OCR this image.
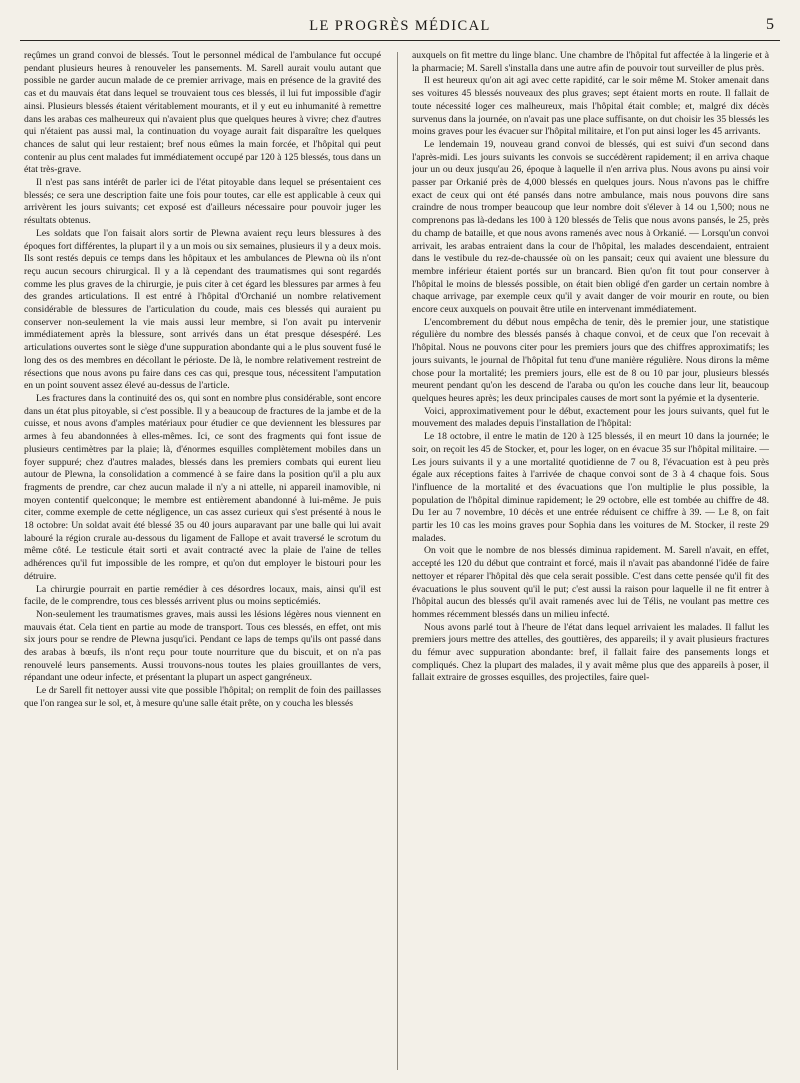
LE PROGRÈS MÉDICAL	5

reçûmes un grand convoi de blessés. Tout le personnel médical de l'ambulance fut occupé pendant plusieurs heures à renouveler les pansements. M. Sarell aurait voulu autant que possible ne garder aucun malade de ce premier arrivage, mais en présence de la gravité des cas et du mauvais état dans lequel se trouvaient tous ces blessés, il lui fut impossible d'agir ainsi. Plusieurs blessés étaient véritablement mourants, et il y eut eu inhumanité à remettre dans les arabas ces malheureux qui n'avaient plus que quelques heures à vivre; chez d'autres qui n'étaient pas aussi mal, la continuation du voyage aurait fait disparaître les quelques chances de salut qui leur restaient; bref nous eûmes la main forcée, et l'hôpital qui peut contenir au plus cent malades fut immédiatement occupé par 120 à 125 blessés, tous dans un état très-grave.

Il n'est pas sans intérêt de parler ici de l'état pitoyable dans lequel se présentaient ces blessés; ce sera une description faite une fois pour toutes, car elle est applicable à ceux qui arrivèrent les jours suivants; cet exposé est d'ailleurs nécessaire pour pouvoir juger les résultats obtenus.

Les soldats que l'on faisait alors sortir de Plewna avaient reçu leurs blessures à des époques fort différentes, la plupart il y a un mois ou six semaines, plusieurs il y a deux mois. Ils sont restés depuis ce temps dans les hôpitaux et les ambulances de Plewna où ils n'ont reçu aucun secours chirurgical. Il y a là cependant des traumatismes qui sont regardés comme les plus graves de la chirurgie, je puis citer à cet égard les blessures par armes à feu des grandes articulations. Il est entré à l'hôpital d'Orchanié un nombre relativement considérable de blessures de l'articulation du coude, mais ces blessés qui auraient pu conserver non-seulement la vie mais aussi leur membre, si l'on avait pu intervenir immédiatement après la blessure, sont arrivés dans un état presque désespéré. Les articulations ouvertes sont le siège d'une suppuration abondante qui a le plus souvent fusé le long des os des membres en décollant le périoste. De là, le nombre relativement restreint de résections que nous avons pu faire dans ces cas qui, presque tous, nécessitent l'amputation en un point souvent assez élevé au-dessus de l'article.

Les fractures dans la continuité des os, qui sont en nombre plus considérable, sont encore dans un état plus pitoyable, si c'est possible. Il y a beaucoup de fractures de la jambe et de la cuisse, et nous avons d'amples matériaux pour étudier ce que deviennent les blessures par armes à feu abandonnées à elles-mêmes. Ici, ce sont des fragments qui font issue de plusieurs centimètres par la plaie; là, d'énormes esquilles complètement mobiles dans un foyer suppuré; chez d'autres malades, blessés dans les premiers combats qui eurent lieu autour de Plewna, la consolidation a commencé à se faire dans la position qu'il a plu aux fragments de prendre, car chez aucun malade il n'y a ni attelle, ni appareil inamovible, ni moyen contentif quelconque; le membre est entièrement abandonné à lui-même. Je puis citer, comme exemple de cette négligence, un cas assez curieux qui s'est présenté à nous le 18 octobre: Un soldat avait été blessé 35 ou 40 jours auparavant par une balle qui lui avait labouré la région crurale au-dessous du ligament de Fallope et avait traversé le scrotum du même côté. Le testicule était sorti et avait contracté avec la plaie de l'aine de telles adhérences qu'il fut impossible de les rompre, et qu'on dut employer le bistouri pour les détruire.

La chirurgie pourrait en partie remédier à ces désordres locaux, mais, ainsi qu'il est facile, de le comprendre, tous ces blessés arrivent plus ou moins septicémiés.

Non-seulement les traumatismes graves, mais aussi les lésions légères nous viennent en mauvais état. Cela tient en partie au mode de transport. Tous ces blessés, en effet, ont mis six jours pour se rendre de Plewna jusqu'ici. Pendant ce laps de temps qu'ils ont passé dans des arabas à bœufs, ils n'ont reçu pour toute nourriture que du biscuit, et on n'a pas renouvelé leurs pansements. Aussi trouvons-nous toutes les plaies grouillantes de vers, répandant une odeur infecte, et présentant la plupart un aspect gangréneux.

Le dr Sarell fit nettoyer aussi vite que possible l'hôpital; on remplit de foin des paillasses que l'on rangea sur le sol, et, à mesure qu'une salle était prête, on y coucha les blessés

auxquels on fit mettre du linge blanc. Une chambre de l'hôpital fut affectée à la lingerie et à la pharmacie; M. Sarell s'installa dans une autre afin de pouvoir tout surveiller de plus près.

Il est heureux qu'on ait agi avec cette rapidité, car le soir même M. Stoker amenait dans ses voitures 45 blessés nouveaux des plus graves; sept étaient morts en route. Il fallait de toute nécessité loger ces malheureux, mais l'hôpital était comble; et, malgré dix décès survenus dans la journée, on n'avait pas une place suffisante, on dut choisir les 35 blessés les moins graves pour les évacuer sur l'hôpital militaire, et l'on put ainsi loger les 45 arrivants.

Le lendemain 19, nouveau grand convoi de blessés, qui est suivi d'un second dans l'après-midi. Les jours suivants les convois se succédèrent rapidement; il en arriva chaque jour un ou deux jusqu'au 26, époque à laquelle il n'en arriva plus. Nous avons pu ainsi voir passer par Orkanié près de 4,000 blessés en quelques jours. Nous n'avons pas le chiffre exact de ceux qui ont été pansés dans notre ambulance, mais nous pouvons dire sans craindre de nous tromper beaucoup que leur nombre doit s'élever à 14 ou 1,500; nous ne comprenons pas là-dedans les 100 à 120 blessés de Telis que nous avons pansés, le 25, près du champ de bataille, et que nous avons ramenés avec nous à Orkanié. — Lorsqu'un convoi arrivait, les arabas entraient dans la cour de l'hôpital, les malades descendaient, entraient dans le vestibule du rez-de-chaussée où on les pansait; ceux qui avaient une blessure du membre inférieur étaient portés sur un brancard. Bien qu'on fit tout pour conserver à l'hôpital le moins de blessés possible, on était bien obligé d'en garder un certain nombre à chaque arrivage, par exemple ceux qu'il y avait danger de voir mourir en route, ou bien encore ceux auxquels on pouvait être utile en intervenant immédiatement.

L'encombrement du début nous empêcha de tenir, dès le premier jour, une statistique régulière du nombre des blessés pansés à chaque convoi, et de ceux que l'on recevait à l'hôpital. Nous ne pouvons citer pour les premiers jours que des chiffres approximatifs; les jours suivants, le journal de l'hôpital fut tenu d'une manière régulière. Nous dirons la même chose pour la mortalité; les premiers jours, elle est de 8 ou 10 par jour, plusieurs blessés meurent pendant qu'on les descend de l'araba ou qu'on les couche dans leur lit, beaucoup quelques heures après; les deux principales causes de mort sont la pyémie et la dysenterie.

Voici, approximativement pour le début, exactement pour les jours suivants, quel fut le mouvement des malades depuis l'installation de l'hôpital:

Le 18 octobre, il entre le matin de 120 à 125 blessés, il en meurt 10 dans la journée; le soir, on reçoit les 45 de Stocker, et, pour les loger, on en évacue 35 sur l'hôpital militaire. — Les jours suivants il y a une mortalité quotidienne de 7 ou 8, l'évacuation est à peu près égale aux réceptions faites à l'arrivée de chaque convoi sont de 3 à 4 chaque fois. Sous l'influence de la mortalité et des évacuations que l'on multiplie le plus possible, la population de l'hôpital diminue rapidement; le 29 octobre, elle est tombée au chiffre de 48. Du 1er au 7 novembre, 10 décès et une entrée réduisent ce chiffre à 39. — Le 8, on fait partir les 10 cas les moins graves pour Sophia dans les voitures de M. Stocker, il reste 29 malades.

On voit que le nombre de nos blessés diminua rapidement. M. Sarell n'avait, en effet, accepté les 120 du début que contraint et forcé, mais il n'avait pas abandonné l'idée de faire nettoyer et réparer l'hôpital dès que cela serait possible. C'est dans cette pensée qu'il fit des évacuations le plus souvent qu'il le put; c'est aussi la raison pour laquelle il ne fit entrer à l'hôpital aucun des blessés qu'il avait ramenés avec lui de Télis, ne voulant pas mettre ces hommes récemment blessés dans un milieu infecté.

Nous avons parlé tout à l'heure de l'état dans lequel arrivaient les malades. Il fallut les premiers jours mettre des attelles, des gouttières, des appareils; il y avait plusieurs fractures du fémur avec suppuration abondante: bref, il fallait faire des pansements longs et compliqués. Chez la plupart des malades, il y avait même plus que des appareils à poser, il fallait extraire de grosses esquilles, des projectiles, faire quel-
